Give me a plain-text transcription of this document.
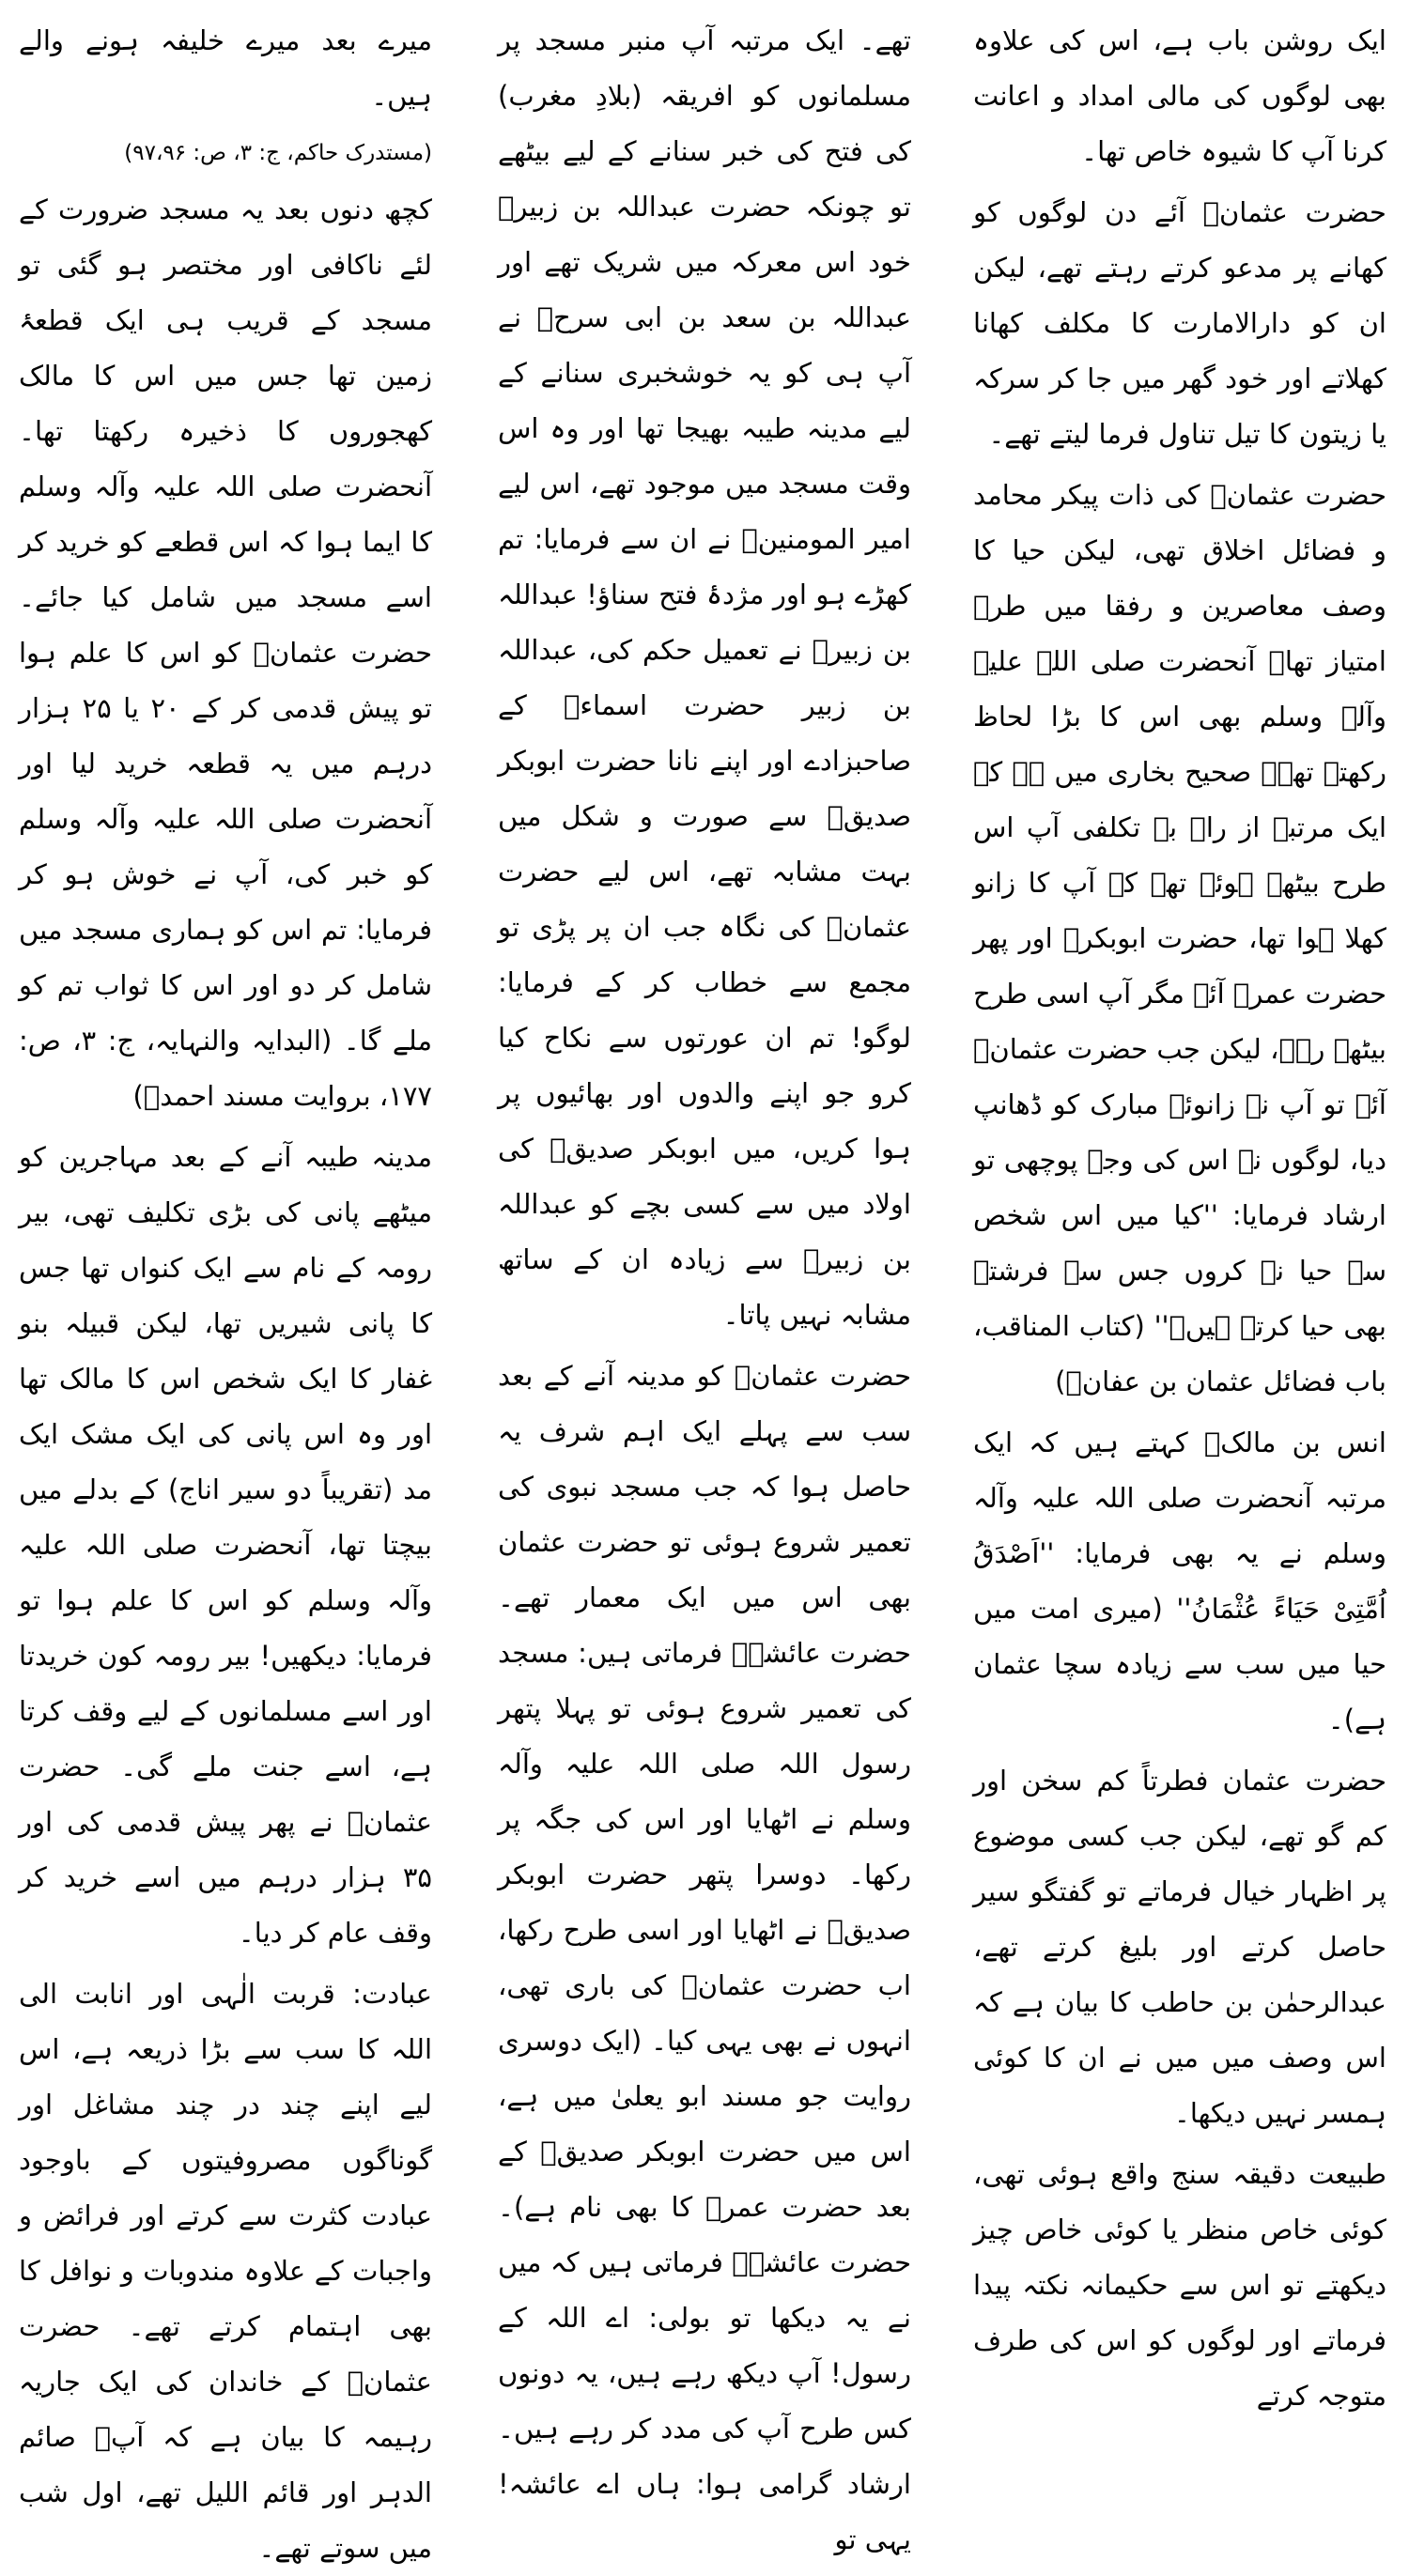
ایک روشن باب ہے، اس کی علاوہ بھی لوگوں کی مالی امداد و اعانت کرنا آپ کا شیوہ خاص تھا۔

حضرت عثمانؓ آئے دن لوگوں کو کھانے پر مدعو کرتے رہتے تھے، لیکن ان کو دارالامارت کا مکلف کھانا کھلاتے اور خود گھر میں جا کر سرکہ یا زیتون کا تیل تناول فرما لیتے تھے۔

حضرت عثمانؓ کی ذات پیکر محامد و فضائل اخلاق تھی، لیکن حیا کا وصف معاصرین و رفقا میں طرۂ امتیاز تھا۔ آنحضرت صلی اللہ علیہ وآلہ وسلم بھی اس کا بڑا لحاظ رکھتے تھے۔ صحیح بخاری میں ہے کہ ایک مرتبہ از راہ بے تکلفی آپ اس طرح بیٹھے ہوئے تھے کہ آپ کا زانو کھلا ہوا تھا، حضرت ابوبکرؓ اور پھر حضرت عمرؓ آئے مگر آپ اسی طرح بیٹھے رہے، لیکن جب حضرت عثمانؓ آئے تو آپ نے زانوئے مبارک کو ڈھانپ دیا، لوگوں نے اس کی وجہ پوچھی تو ارشاد فرمایا: ''کیا میں اس شخص سے حیا نہ کروں جس سے فرشتے بھی حیا کرتے ہیں۔'' (کتاب المناقب، باب فضائل عثمان بن عفانؓ)

انس بن مالکؓ کہتے ہیں کہ ایک مرتبہ آنحضرت صلی اللہ علیہ وآلہ وسلم نے یہ بھی فرمایا: ''اَصْدَقُ اُمَّتِیْ حَیَاءً عُثْمَانُ'' (میری امت میں حیا میں سب سے زیادہ سچا عثمان ہے)۔

حضرت عثمان فطرتاً کم سخن اور کم گو تھے، لیکن جب کسی موضوع پر اظہار خیال فرماتے تو گفتگو سیر حاصل کرتے اور بلیغ کرتے تھے، عبدالرحمٰن بن حاطب کا بیان ہے کہ اس وصف میں میں نے ان کا کوئی ہمسر نہیں دیکھا۔

طبیعت دقیقہ سنج واقع ہوئی تھی، کوئی خاص منظر یا کوئی خاص چیز دیکھتے تو اس سے حکیمانہ نکتہ پیدا فرماتے اور لوگوں کو اس کی طرف متوجہ کرتے

تھے۔ ایک مرتبہ آپ منبر مسجد پر مسلمانوں کو افریقہ (بلادِ مغرب) کی فتح کی خبر سنانے کے لیے بیٹھے تو چونکہ حضرت عبداللہ بن زبیرؓ خود اس معرکہ میں شریک تھے اور عبداللہ بن سعد بن ابی سرحؓ نے آپ ہی کو یہ خوشخبری سنانے کے لیے مدینہ طیبہ بھیجا تھا اور وہ اس وقت مسجد میں موجود تھے، اس لیے امیر المومنینؓ نے ان سے فرمایا: تم کھڑے ہو اور مژدۂ فتح سناؤ! عبداللہ بن زبیرؓ نے تعمیل حکم کی، عبداللہ بن زبیر حضرت اسماءؓ کے صاحبزادے اور اپنے نانا حضرت ابوبکر صدیقؓ سے صورت و شکل میں بہت مشابہ تھے، اس لیے حضرت عثمانؓ کی نگاہ جب ان پر پڑی تو مجمع سے خطاب کر کے فرمایا: لوگو! تم ان عورتوں سے نکاح کیا کرو جو اپنے والدوں اور بھائیوں پر ہوا کریں، میں ابوبکر صدیقؓ کی اولاد میں سے کسی بچے کو عبداللہ بن زبیرؓ سے زیادہ ان کے ساتھ مشابہ نہیں پاتا۔

حضرت عثمانؓ کو مدینہ آنے کے بعد سب سے پہلے ایک اہم شرف یہ حاصل ہوا کہ جب مسجد نبوی کی تعمیر شروع ہوئی تو حضرت عثمان بھی اس میں ایک معمار تھے۔ حضرت عائشہؓ فرماتی ہیں: مسجد کی تعمیر شروع ہوئی تو پہلا پتھر رسول اللہ صلی اللہ علیہ وآلہ وسلم نے اٹھایا اور اس کی جگہ پر رکھا۔ دوسرا پتھر حضرت ابوبکر صدیقؓ نے اٹھایا اور اسی طرح رکھا، اب حضرت عثمانؓ کی باری تھی، انہوں نے بھی یہی کیا۔ (ایک دوسری روایت جو مسند ابو یعلیٰ میں ہے، اس میں حضرت ابوبکر صدیقؓ کے بعد حضرت عمرؓ کا بھی نام ہے)۔ حضرت عائشہؓ فرماتی ہیں کہ میں نے یہ دیکھا تو بولی: اے اللہ کے رسول! آپ دیکھ رہے ہیں، یہ دونوں کس طرح آپ کی مدد کر رہے ہیں۔ ارشاد گرامی ہوا: ہاں اے عائشہ! یہی تو

میرے بعد میرے خلیفہ ہونے والے ہیں۔

(مستدرک حاکم، ج: ۳، ص: ۹۷،۹۶)

کچھ دنوں بعد یہ مسجد ضرورت کے لئے ناکافی اور مختصر ہو گئی تو مسجد کے قریب ہی ایک قطعۂ زمین تھا جس میں اس کا مالک کھجوروں کا ذخیرہ رکھتا تھا۔ آنحضرت صلی اللہ علیہ وآلہ وسلم کا ایما ہوا کہ اس قطعے کو خرید کر اسے مسجد میں شامل کیا جائے۔ حضرت عثمانؓ کو اس کا علم ہوا تو پیش قدمی کر کے ۲۰ یا ۲۵ ہزار درہم میں یہ قطعہ خرید لیا اور آنحضرت صلی اللہ علیہ وآلہ وسلم کو خبر کی، آپ نے خوش ہو کر فرمایا: تم اس کو ہماری مسجد میں شامل کر دو اور اس کا ثواب تم کو ملے گا۔ (البدایہ والنہایہ، ج: ۳، ص: ۱۷۷، بروایت مسند احمدؒ)

مدینہ طیبہ آنے کے بعد مہاجرین کو میٹھے پانی کی بڑی تکلیف تھی، بیر رومہ کے نام سے ایک کنواں تھا جس کا پانی شیریں تھا، لیکن قبیلہ بنو غفار کا ایک شخص اس کا مالک تھا اور وہ اس پانی کی ایک مشک ایک مد (تقریباً دو سیر اناج) کے بدلے میں بیچتا تھا، آنحضرت صلی اللہ علیہ وآلہ وسلم کو اس کا علم ہوا تو فرمایا: دیکھیں! بیر رومہ کون خریدتا اور اسے مسلمانوں کے لیے وقف کرتا ہے، اسے جنت ملے گی۔ حضرت عثمانؓ نے پھر پیش قدمی کی اور ۳۵ ہزار درہم میں اسے خرید کر وقف عام کر دیا۔

عبادت: قربت الٰہی اور انابت الی اللہ کا سب سے بڑا ذریعہ ہے، اس لیے اپنے چند در چند مشاغل اور گوناگوں مصروفیتوں کے باوجود عبادت کثرت سے کرتے اور فرائض و واجبات کے علاوہ مندوبات و نوافل کا بھی اہتمام کرتے تھے۔ حضرت عثمانؓ کے خاندان کی ایک جاریہ رہیمہ کا بیان ہے کہ آپؓ صائم الدہر اور قائم اللیل تھے، اول شب میں سوتے تھے۔
